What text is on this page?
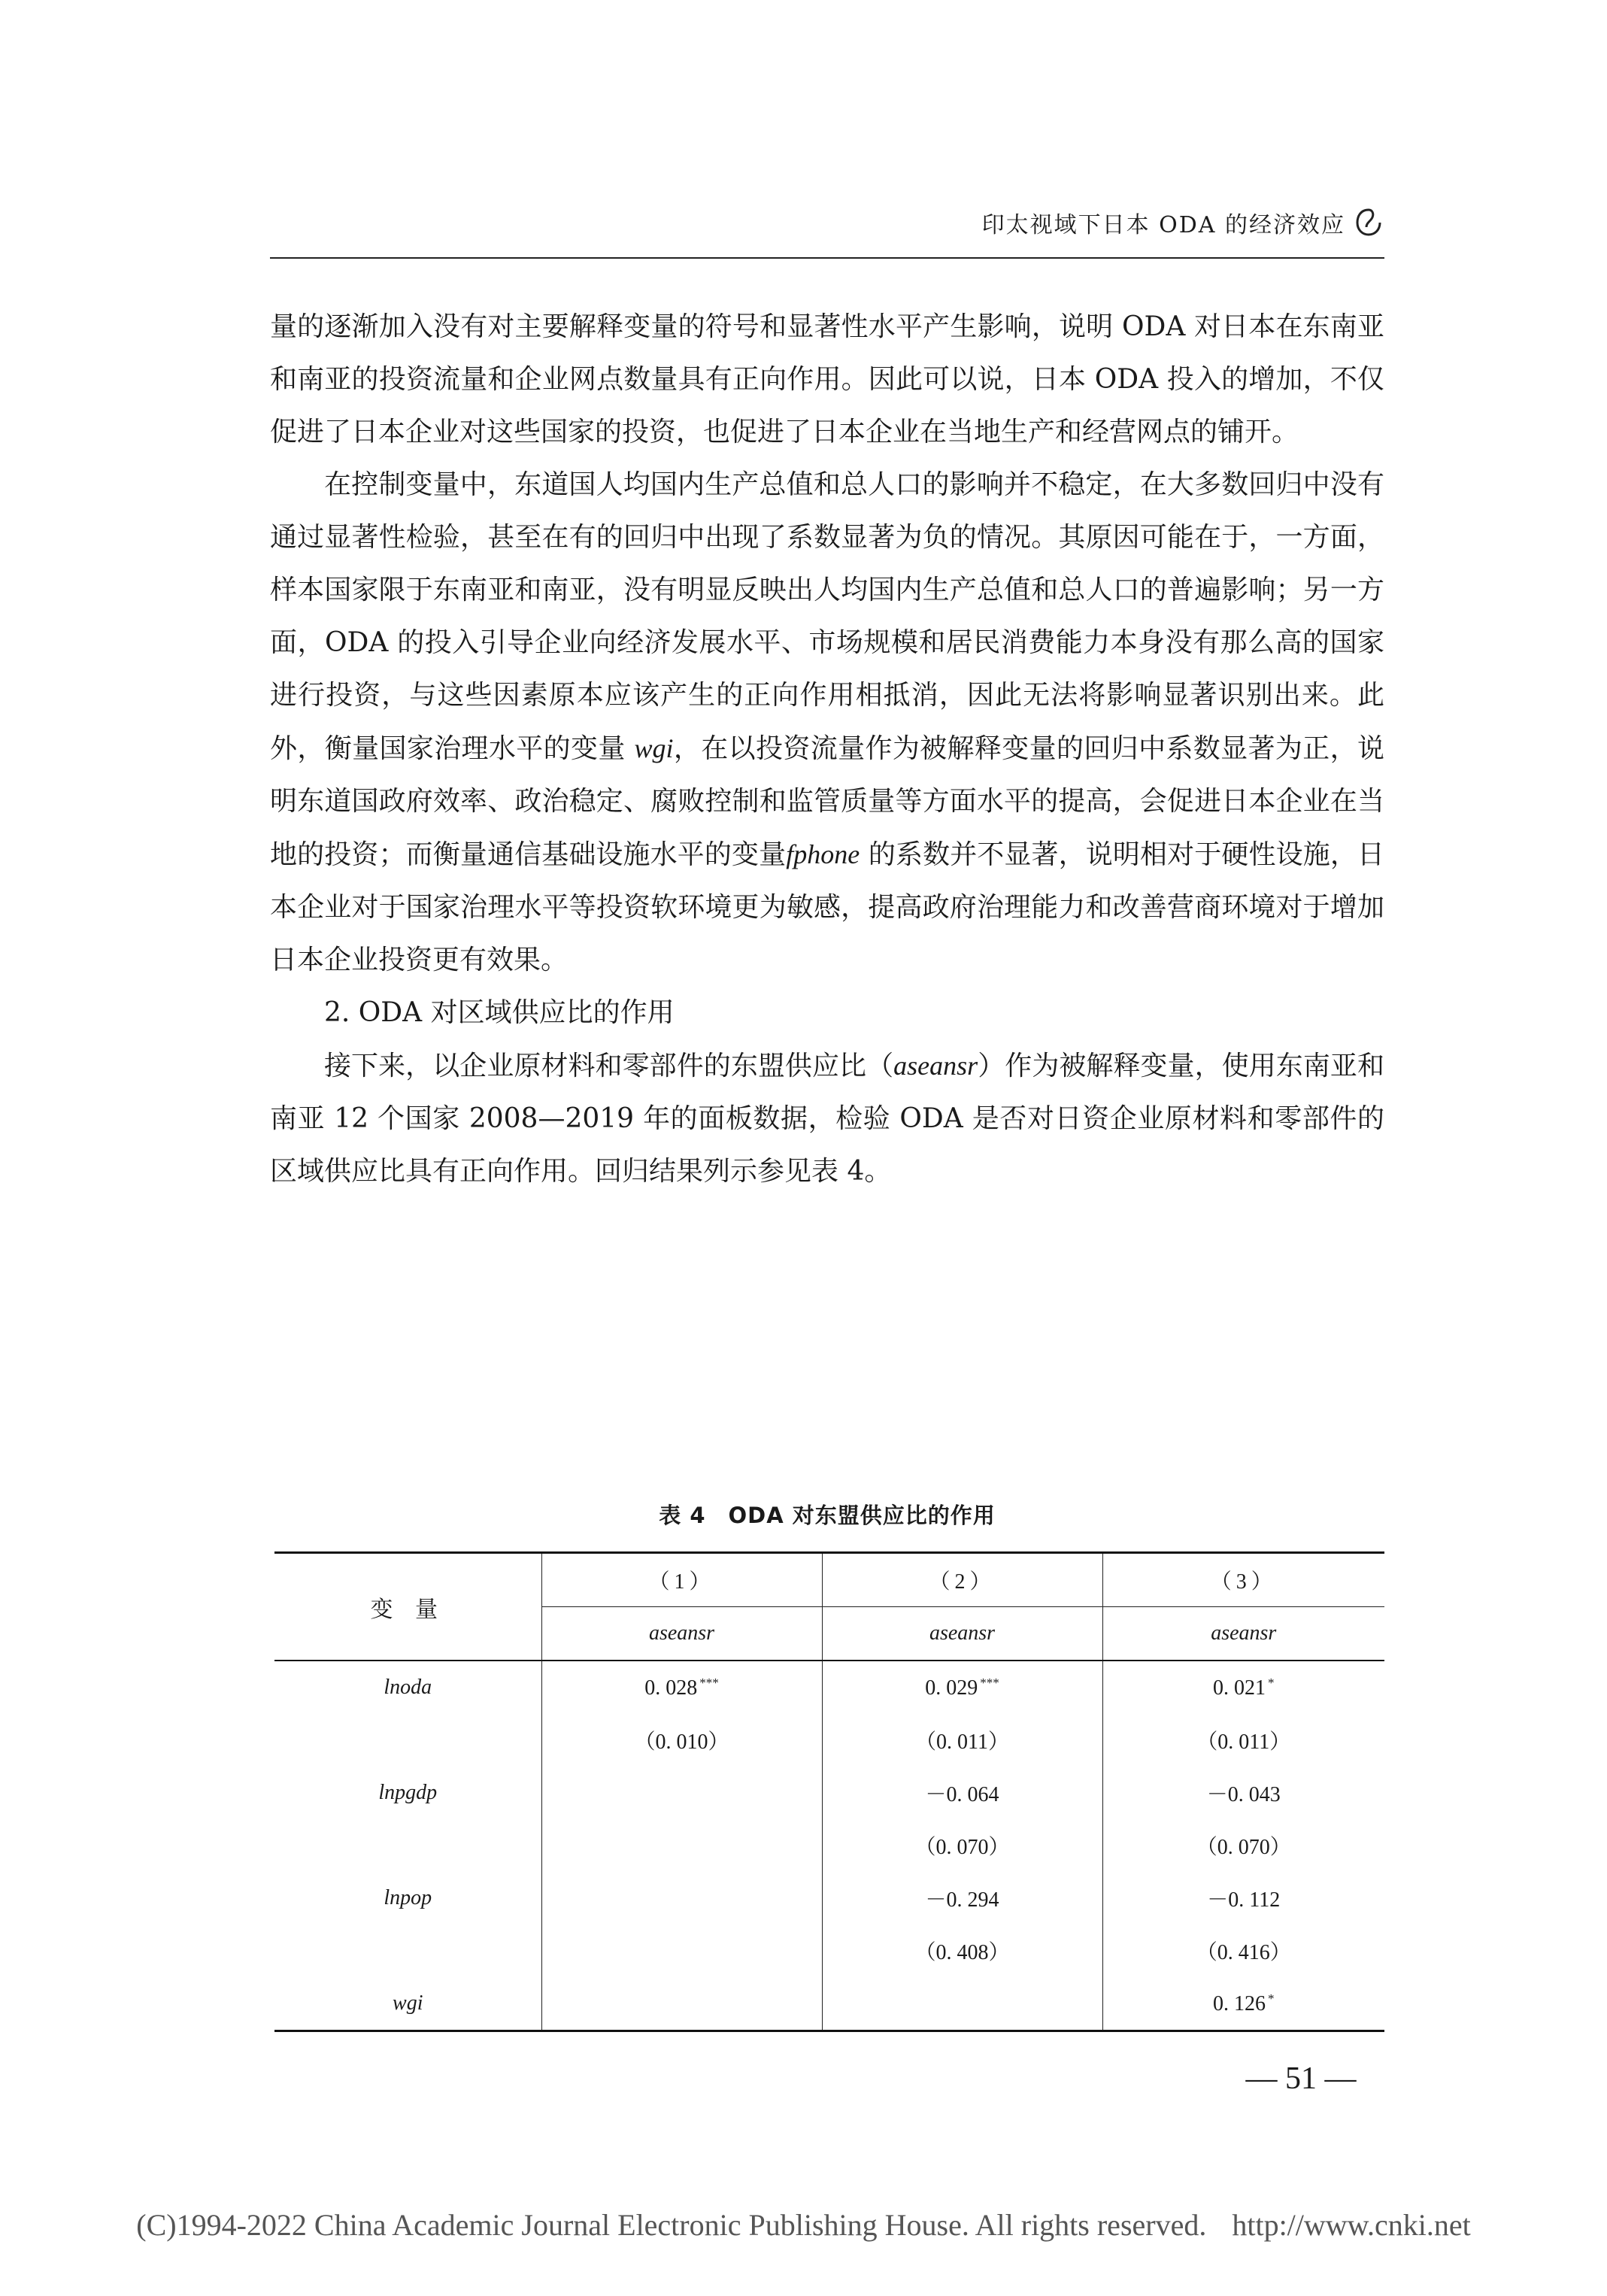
印太视域下日本 ODA 的经济效应

量的逐渐加入没有对主要解释变量的符号和显著性水平产生影响，说明 ODA 对日本在东南亚和南亚的投资流量和企业网点数量具有正向作用。因此可以说，日本 ODA 投入的增加，不仅促进了日本企业对这些国家的投资，也促进了日本企业在当地生产和经营网点的铺开。

在控制变量中，东道国人均国内生产总值和总人口的影响并不稳定，在大多数回归中没有通过显著性检验，甚至在有的回归中出现了系数显著为负的情况。其原因可能在于，一方面，样本国家限于东南亚和南亚，没有明显反映出人均国内生产总值和总人口的普遍影响；另一方面，ODA 的投入引导企业向经济发展水平、市场规模和居民消费能力本身没有那么高的国家进行投资，与这些因素原本应该产生的正向作用相抵消，因此无法将影响显著识别出来。此外，衡量国家治理水平的变量 wgi，在以投资流量作为被解释变量的回归中系数显著为正，说明东道国政府效率、政治稳定、腐败控制和监管质量等方面水平的提高，会促进日本企业在当地的投资；而衡量通信基础设施水平的变量fphone 的系数并不显著，说明相对于硬性设施，日本企业对于国家治理水平等投资软环境更为敏感，提高政府治理能力和改善营商环境对于增加日本企业投资更有效果。

2. ODA 对区域供应比的作用

接下来，以企业原材料和零部件的东盟供应比（aseansr）作为被解释变量，使用东南亚和南亚 12 个国家 2008—2019 年的面板数据，检验 ODA 是否对日资企业原材料和零部件的区域供应比具有正向作用。回归结果列示参见表 4。

表 4　ODA 对东盟供应比的作用
变 量	（1）	（2）	（3）
	aseansr	aseansr	aseansr
lnoda	0. 028 ***	0. 029 ***	0. 021 *
	（0. 010）	（0. 011）	（0. 011）
lnpgdp		－0. 064	－0. 043
		（0. 070）	（0. 070）
lnpop		－0. 294	－0. 112
		（0. 408）	（0. 416）
wgi			0. 126 *
— 51 —
(C)1994-2022 China Academic Journal Electronic Publishing House. All rights reserved. http://www.cnki.net
